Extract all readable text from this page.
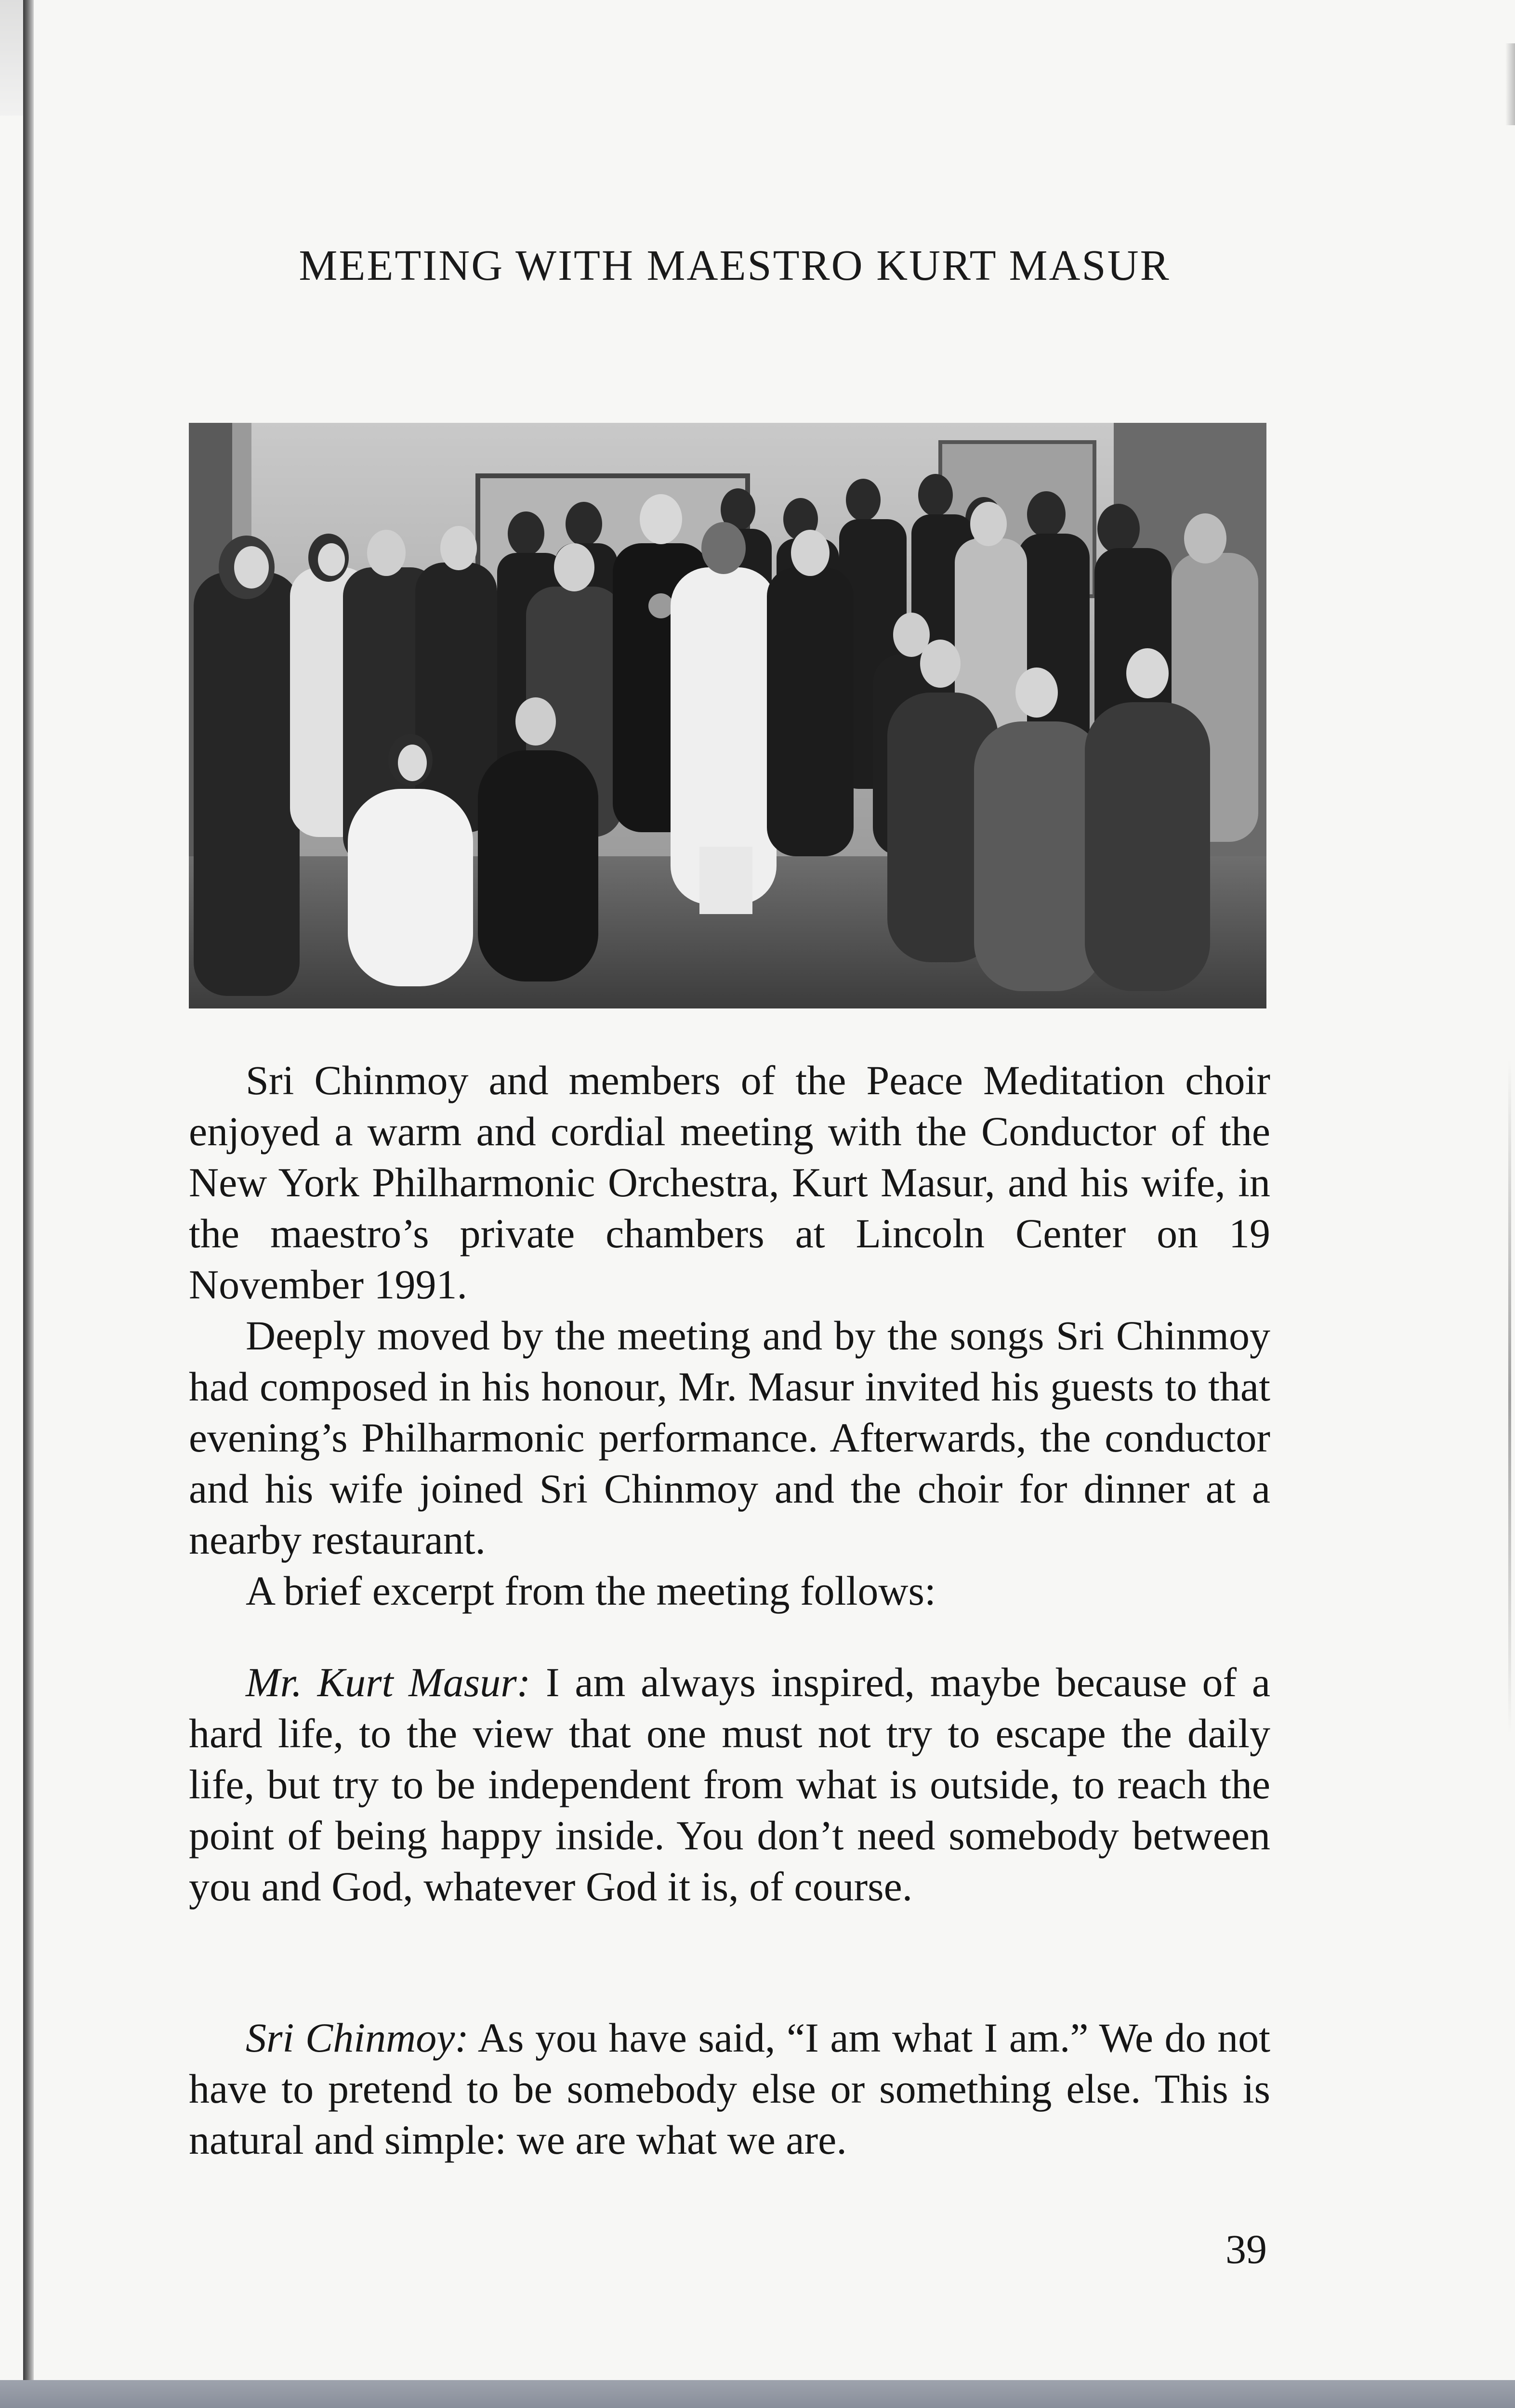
MEETING WITH MAESTRO KURT MASUR

Sri Chinmoy and members of the Peace Meditation choir enjoyed a warm and cordial meeting with the Conductor of the New York Philharmonic Orchestra, Kurt Masur, and his wife, in the maestro’s private chambers at Lincoln Center on 19 November 1991.

Deeply moved by the meeting and by the songs Sri Chinmoy had composed in his honour, Mr. Masur invited his guests to that evening’s Philharmonic performance. Afterwards, the conductor and his wife joined Sri Chinmoy and the choir for dinner at a nearby restaurant.

A brief excerpt from the meeting follows:

Mr. Kurt Masur: I am always inspired, maybe because of a hard life, to the view that one must not try to escape the daily life, but try to be independent from what is outside, to reach the point of being happy inside. You don’t need somebody between you and God, whatever God it is, of course.

Sri Chinmoy: As you have said, “I am what I am.” We do not have to pretend to be somebody else or something else. This is natural and simple: we are what we are.

39
